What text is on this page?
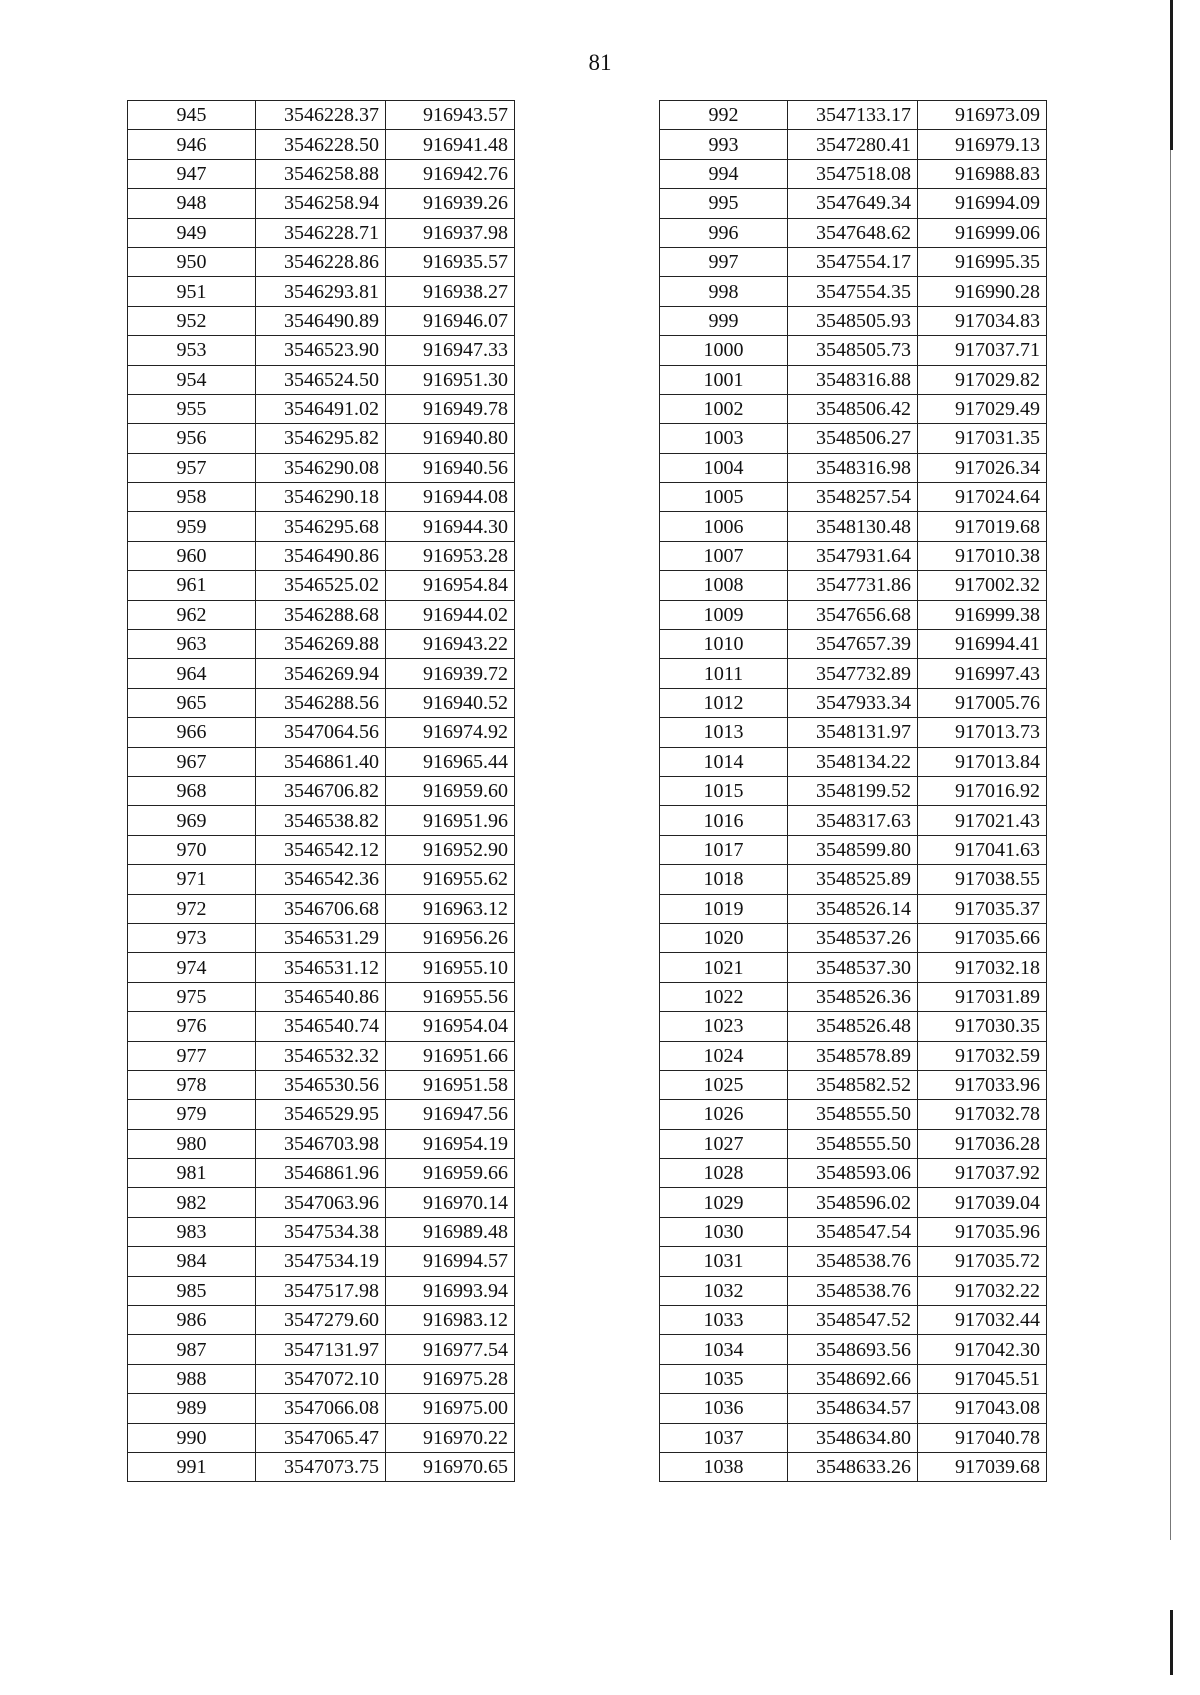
81
945	3546228.37	916943.57
946	3546228.50	916941.48
947	3546258.88	916942.76
948	3546258.94	916939.26
949	3546228.71	916937.98
950	3546228.86	916935.57
951	3546293.81	916938.27
952	3546490.89	916946.07
953	3546523.90	916947.33
954	3546524.50	916951.30
955	3546491.02	916949.78
956	3546295.82	916940.80
957	3546290.08	916940.56
958	3546290.18	916944.08
959	3546295.68	916944.30
960	3546490.86	916953.28
961	3546525.02	916954.84
962	3546288.68	916944.02
963	3546269.88	916943.22
964	3546269.94	916939.72
965	3546288.56	916940.52
966	3547064.56	916974.92
967	3546861.40	916965.44
968	3546706.82	916959.60
969	3546538.82	916951.96
970	3546542.12	916952.90
971	3546542.36	916955.62
972	3546706.68	916963.12
973	3546531.29	916956.26
974	3546531.12	916955.10
975	3546540.86	916955.56
976	3546540.74	916954.04
977	3546532.32	916951.66
978	3546530.56	916951.58
979	3546529.95	916947.56
980	3546703.98	916954.19
981	3546861.96	916959.66
982	3547063.96	916970.14
983	3547534.38	916989.48
984	3547534.19	916994.57
985	3547517.98	916993.94
986	3547279.60	916983.12
987	3547131.97	916977.54
988	3547072.10	916975.28
989	3547066.08	916975.00
990	3547065.47	916970.22
991	3547073.75	916970.65
992	3547133.17	916973.09
993	3547280.41	916979.13
994	3547518.08	916988.83
995	3547649.34	916994.09
996	3547648.62	916999.06
997	3547554.17	916995.35
998	3547554.35	916990.28
999	3548505.93	917034.83
1000	3548505.73	917037.71
1001	3548316.88	917029.82
1002	3548506.42	917029.49
1003	3548506.27	917031.35
1004	3548316.98	917026.34
1005	3548257.54	917024.64
1006	3548130.48	917019.68
1007	3547931.64	917010.38
1008	3547731.86	917002.32
1009	3547656.68	916999.38
1010	3547657.39	916994.41
1011	3547732.89	916997.43
1012	3547933.34	917005.76
1013	3548131.97	917013.73
1014	3548134.22	917013.84
1015	3548199.52	917016.92
1016	3548317.63	917021.43
1017	3548599.80	917041.63
1018	3548525.89	917038.55
1019	3548526.14	917035.37
1020	3548537.26	917035.66
1021	3548537.30	917032.18
1022	3548526.36	917031.89
1023	3548526.48	917030.35
1024	3548578.89	917032.59
1025	3548582.52	917033.96
1026	3548555.50	917032.78
1027	3548555.50	917036.28
1028	3548593.06	917037.92
1029	3548596.02	917039.04
1030	3548547.54	917035.96
1031	3548538.76	917035.72
1032	3548538.76	917032.22
1033	3548547.52	917032.44
1034	3548693.56	917042.30
1035	3548692.66	917045.51
1036	3548634.57	917043.08
1037	3548634.80	917040.78
1038	3548633.26	917039.68
